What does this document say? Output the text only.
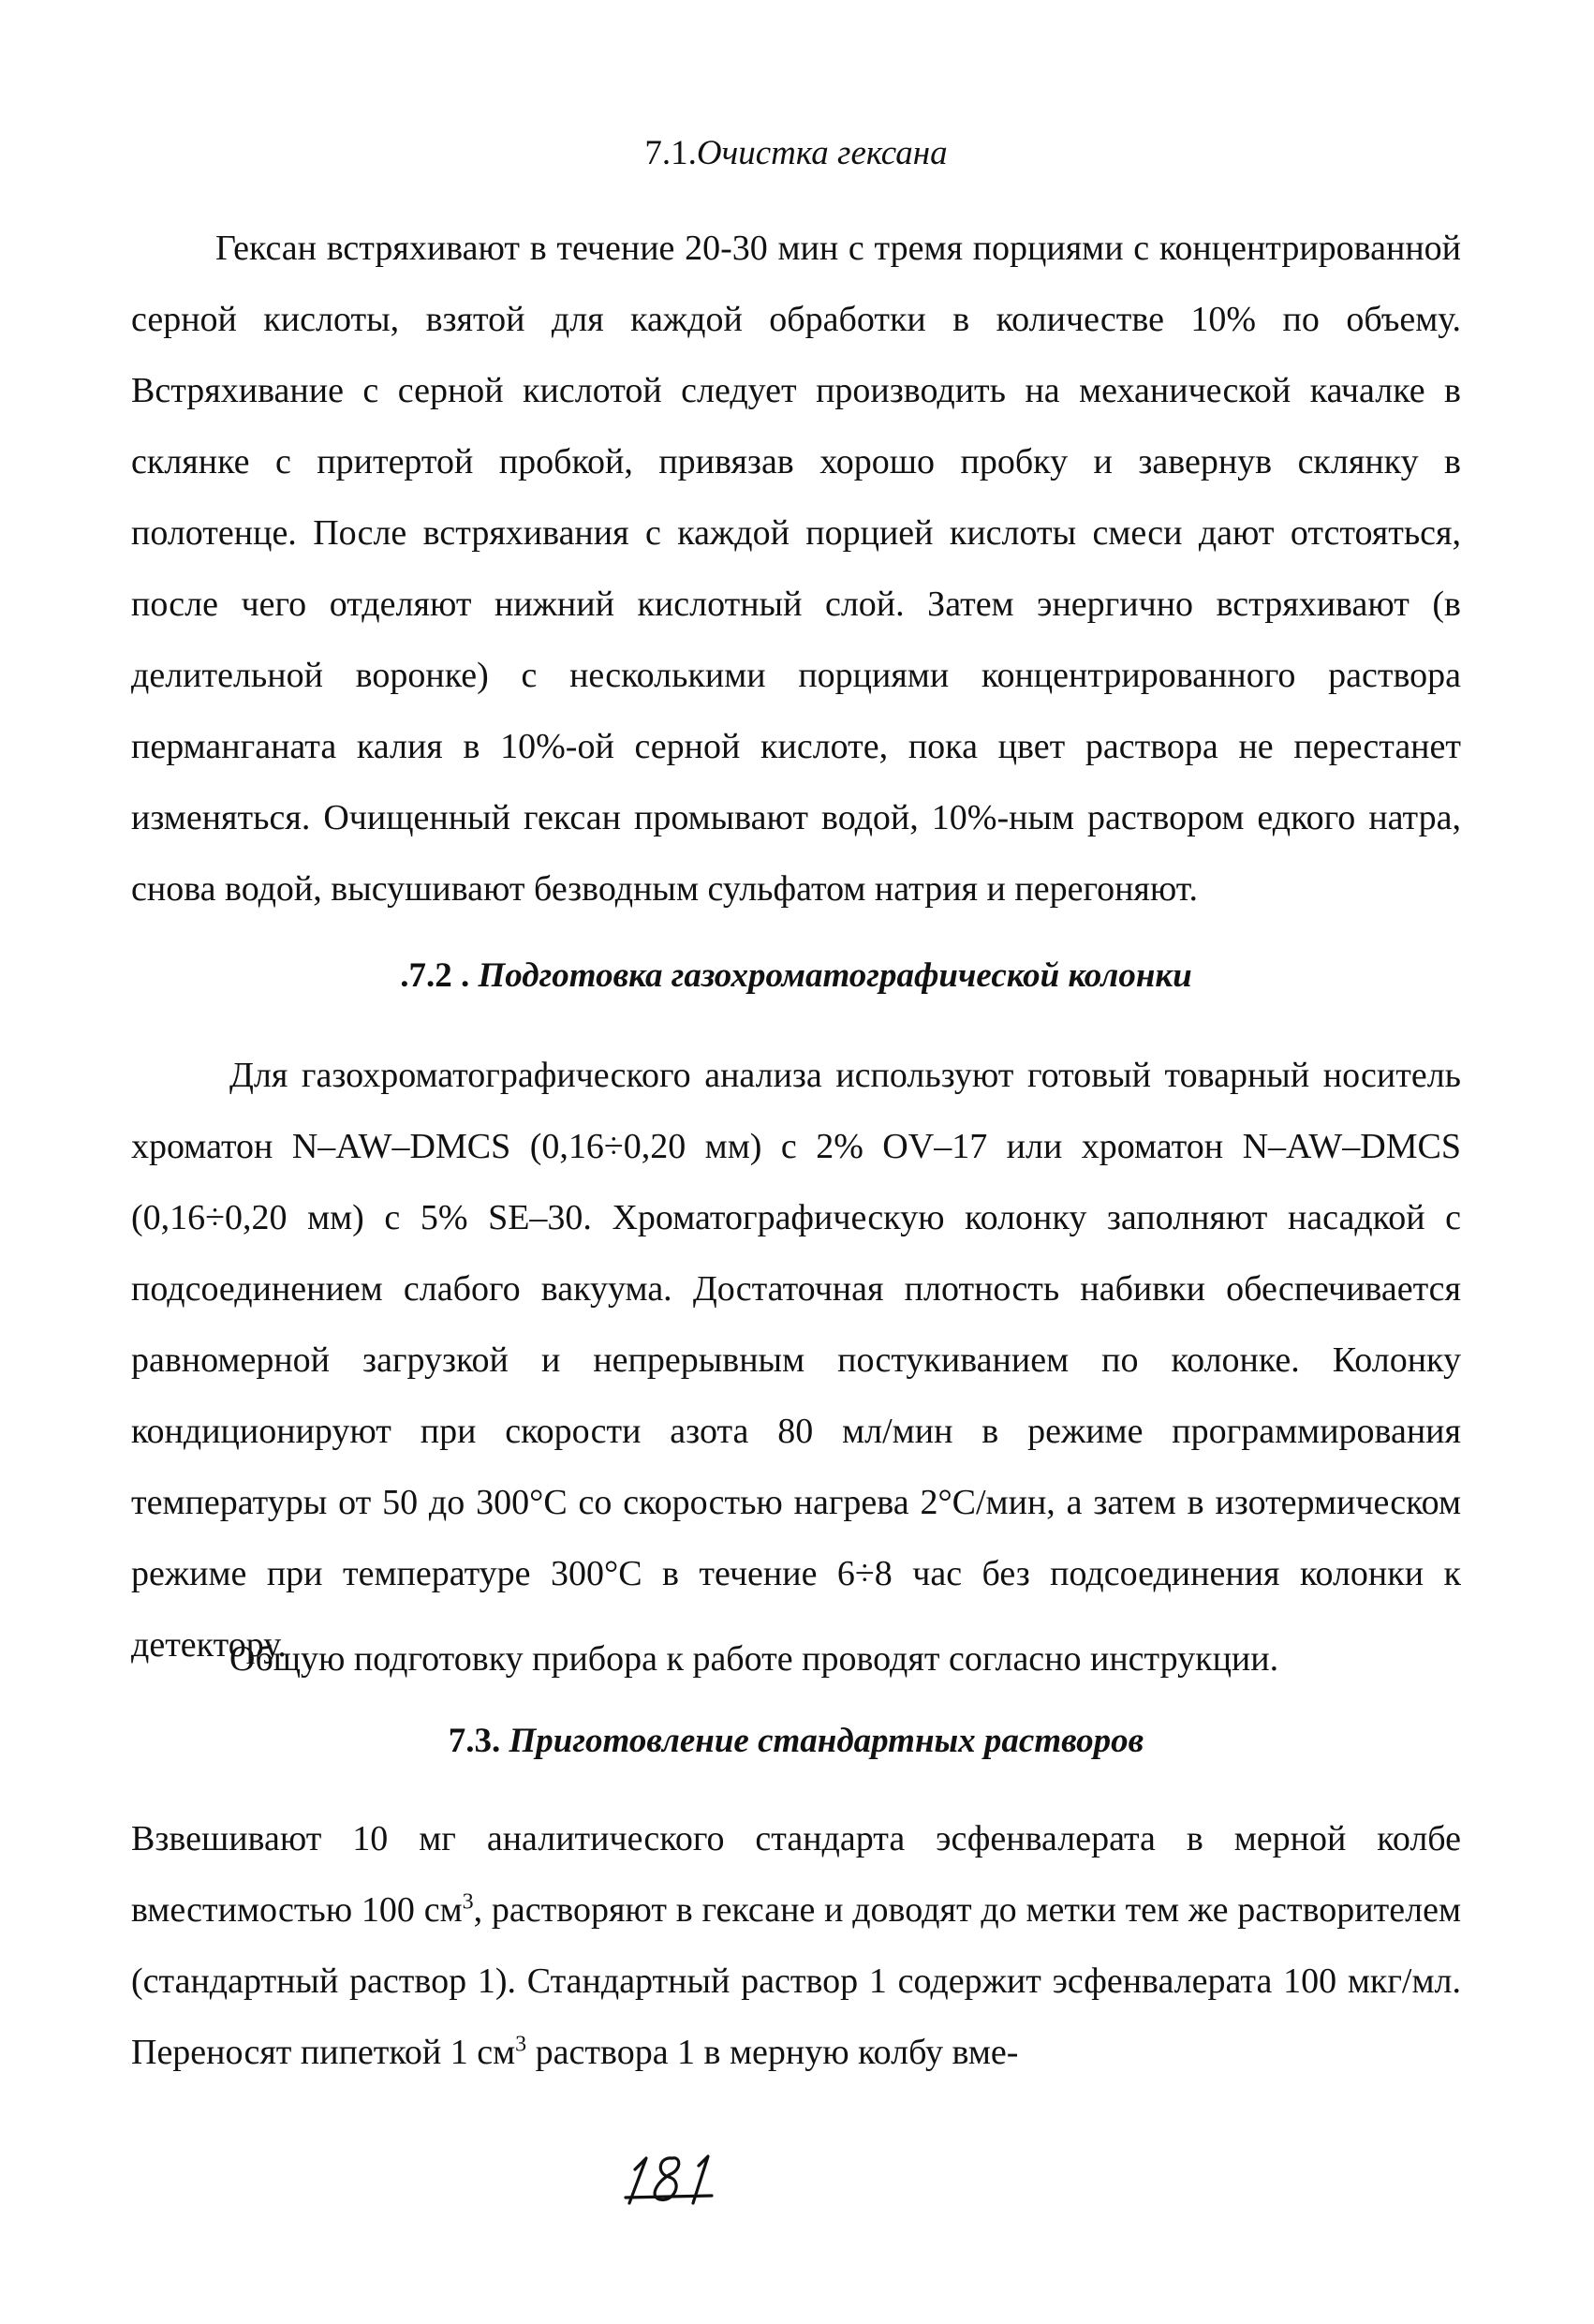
7.1.Очистка гексана

Гексан встряхивают в течение 20-30 мин с тремя порциями с концентрированной серной кислоты, взятой для каждой обработки в количестве 10% по объему. Встряхивание с серной кислотой следует производить на механической качалке в склянке с притертой пробкой, привязав хорошо пробку и завернув склянку в полотенце. После встряхивания с каждой порцией кислоты смеси дают отстояться, после чего отделяют нижний кислотный слой. Затем энергично встряхивают (в делительной воронке) с несколькими порциями концентрированного раствора перманганата калия в 10%-ой серной кислоте, пока цвет раствора не перестанет изменяться. Очищенный гексан промывают водой, 10%-ным раствором едкого натра, снова водой, высушивают безводным сульфатом натрия и перегоняют.

.7.2 . Подготовка газохроматографической колонки

Для газохроматографического анализа используют готовый товарный носитель хроматон N–AW–DMCS (0,16÷0,20 мм) с 2% OV–17 или хроматон N–AW–DMCS (0,16÷0,20 мм) с 5% SE–30. Хроматографическую колонку заполняют насадкой с подсоединением слабого вакуума. Достаточная плотность набивки обеспечивается равномерной загрузкой и непрерывным постукиванием по колонке. Колонку кондиционируют при скорости азота 80 мл/мин в режиме программирования температуры от 50 до 300°С со скоростью нагрева 2°С/мин, а затем в изотермическом режиме при температуре 300°С в течение 6÷8 час без подсоединения колонки к детектору.

Общую подготовку прибора к работе проводят согласно инструкции.

7.3. Приготовление стандартных растворов

Взвешивают 10 мг аналитического стандарта эсфенвалерата в мерной колбе вместимостью 100 $см^3$, растворяют в гексане и доводят до метки тем же растворителем (стандартный раствор 1). Стандартный раствор 1 содержит эсфенвалерата 100 мкг/мл. Переносят пипеткой 1 $см^3$ раствора 1 в мерную колбу вме-
